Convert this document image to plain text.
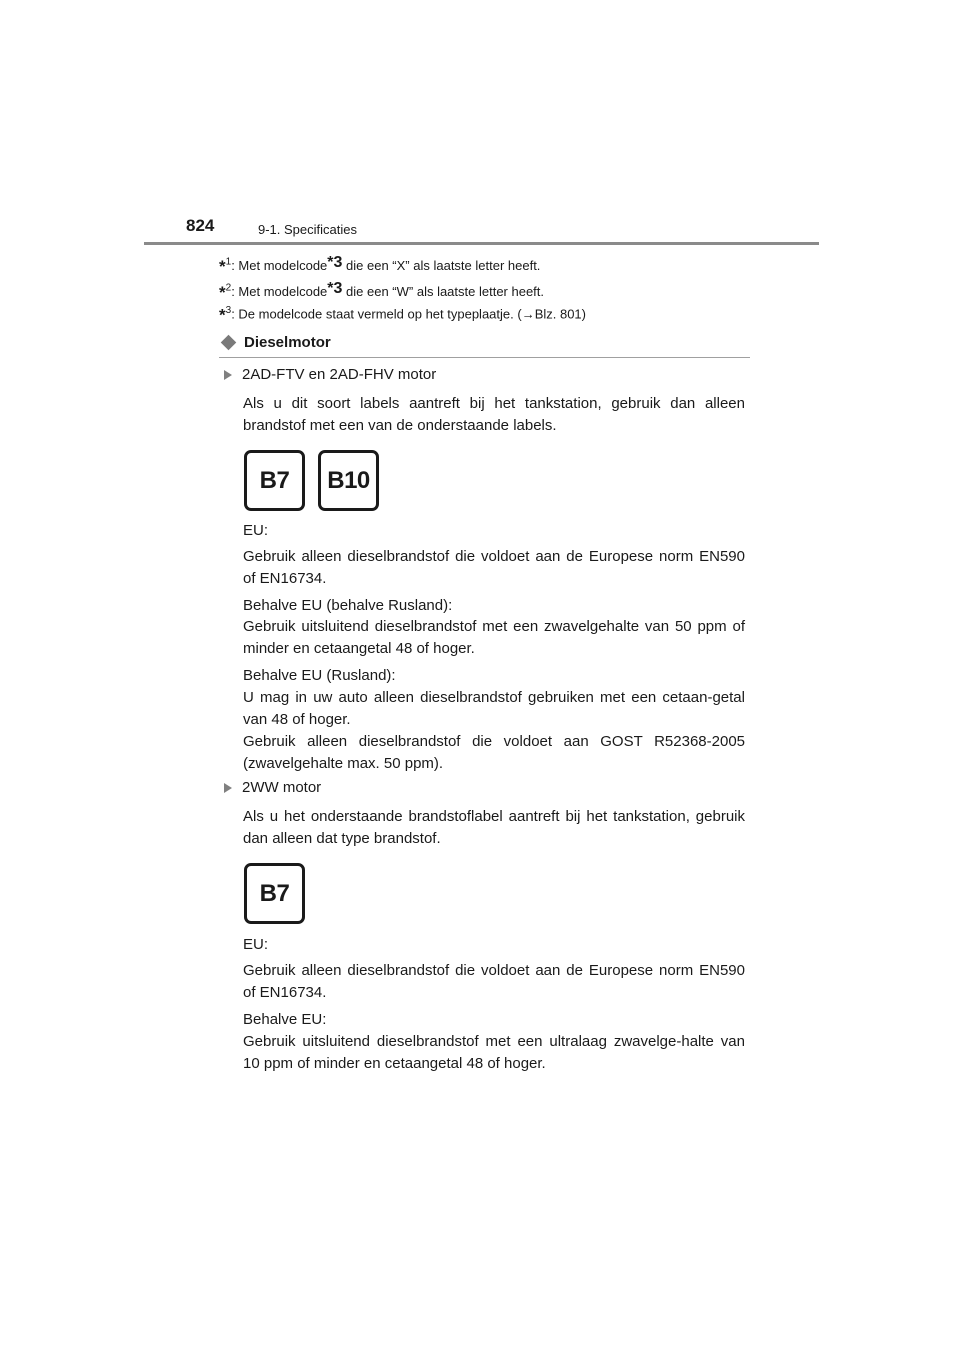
824	9-1. Specificaties
*$^1$: Met modelcode*3 die een “X” als laatste letter heeft.
*$^2$: Met modelcode*3 die een “W” als laatste letter heeft.
*$^3$: De modelcode staat vermeld op het typeplaatje. (→Blz. 801)
Dieselmotor
2AD-FTV en 2AD-FHV motor
Als u dit soort labels aantreft bij het tankstation, gebruik dan alleen brandstof met een van de onderstaande labels.
B7	B10
EU:
Gebruik alleen dieselbrandstof die voldoet aan de Europese norm EN590 of EN16734.
Behalve EU (behalve Rusland):
Gebruik uitsluitend dieselbrandstof met een zwavelgehalte van 50 ppm of minder en cetaangetal 48 of hoger.
Behalve EU (Rusland):
U mag in uw auto alleen dieselbrandstof gebruiken met een cetaan-getal van 48 of hoger.
Gebruik alleen dieselbrandstof die voldoet aan GOST R52368-2005 (zwavelgehalte max. 50 ppm).
2WW motor
Als u het onderstaande brandstoflabel aantreft bij het tankstation, gebruik dan alleen dat type brandstof.
B7
EU:
Gebruik alleen dieselbrandstof die voldoet aan de Europese norm EN590 of EN16734.
Behalve EU:
Gebruik uitsluitend dieselbrandstof met een ultralaag zwavelge-halte van 10 ppm of minder en cetaangetal 48 of hoger.
